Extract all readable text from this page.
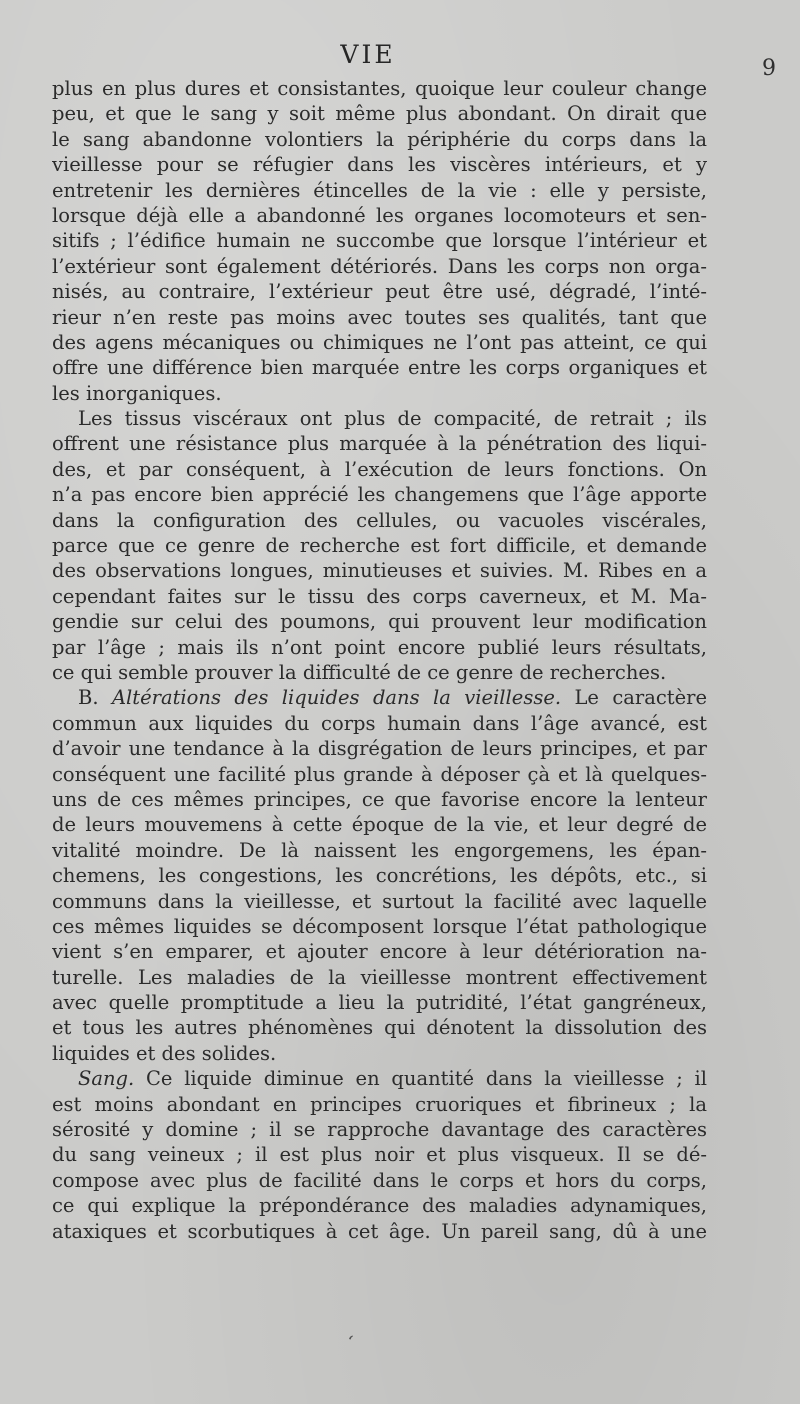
VIE	9
plus en plus dures et consistantes, quoique leur couleur change
peu, et que le sang y soit même plus abondant. On dirait que
le sang abandonne volontiers la périphérie du corps dans la
vieillesse pour se réfugier dans les viscères intérieurs, et y
entretenir les dernières étincelles de la vie : elle y persiste,
lorsque déjà elle a abandonné les organes locomoteurs et sen-
sitifs ; l’édifice humain ne succombe que lorsque l’intérieur et
l’extérieur sont également détériorés. Dans les corps non orga-
nisés, au contraire, l’extérieur peut être usé, dégradé, l’inté-
rieur n’en reste pas moins avec toutes ses qualités, tant que
des agens mécaniques ou chimiques ne l’ont pas atteint, ce qui
offre une différence bien marquée entre les corps organiques et
les inorganiques.
Les tissus viscéraux ont plus de compacité, de retrait ; ils
offrent une résistance plus marquée à la pénétration des liqui-
des, et par conséquent, à l’exécution de leurs fonctions. On
n’a pas encore bien apprécié les changemens que l’âge apporte
dans la configuration des cellules, ou vacuoles viscérales,
parce que ce genre de recherche est fort difficile, et demande
des observations longues, minutieuses et suivies. M. Ribes en a
cependant faites sur le tissu des corps caverneux, et M. Ma-
gendie sur celui des poumons, qui prouvent leur modification
par l’âge ; mais ils n’ont point encore publié leurs résultats,
ce qui semble prouver la difficulté de ce genre de recherches.
B. Altérations des liquides dans la vieillesse. Le caractère
commun aux liquides du corps humain dans l’âge avancé, est
d’avoir une tendance à la disgrégation de leurs principes, et par
conséquent une facilité plus grande à déposer çà et là quelques-
uns de ces mêmes principes, ce que favorise encore la lenteur
de leurs mouvemens à cette époque de la vie, et leur degré de
vitalité moindre. De là naissent les engorgemens, les épan-
chemens, les congestions, les concrétions, les dépôts, etc., si
communs dans la vieillesse, et surtout la facilité avec laquelle
ces mêmes liquides se décomposent lorsque l’état pathologique
vient s’en emparer, et ajouter encore à leur détérioration na-
turelle. Les maladies de la vieillesse montrent effectivement
avec quelle promptitude a lieu la putridité, l’état gangréneux,
et tous les autres phénomènes qui dénotent la dissolution des
liquides et des solides.
Sang. Ce liquide diminue en quantité dans la vieillesse ; il
est moins abondant en principes cruoriques et fibrineux ; la
sérosité y domine ; il se rapproche davantage des caractères
du sang veineux ; il est plus noir et plus visqueux. Il se dé-
compose avec plus de facilité dans le corps et hors du corps,
ce qui explique la prépondérance des maladies adynamiques,
ataxiques et scorbutiques à cet âge. Un pareil sang, dû à une
‘
